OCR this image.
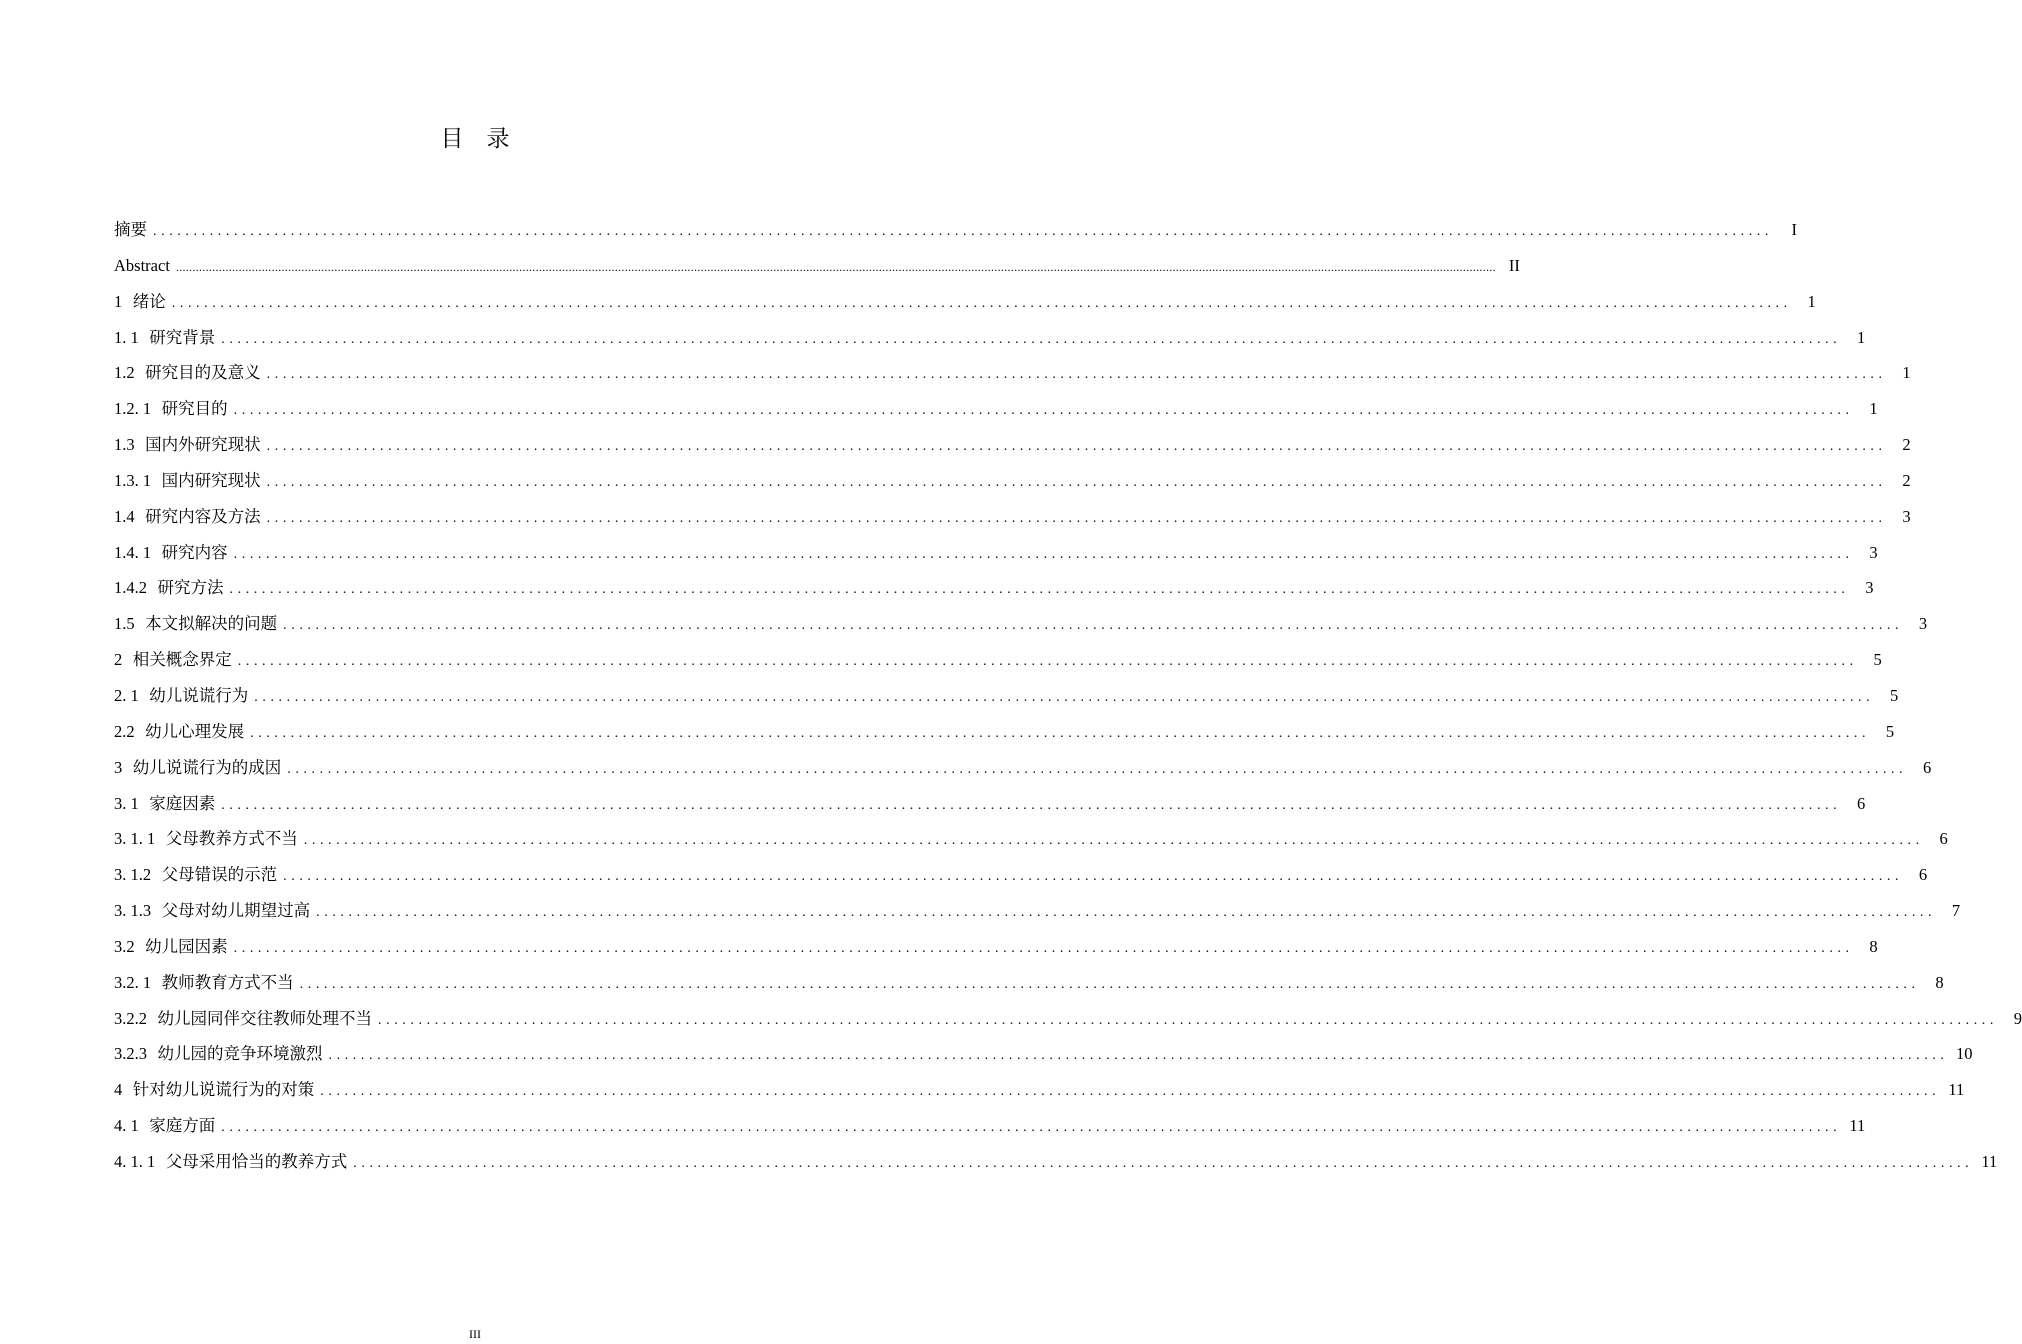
目　录
摘要 ........................................................................................................................................................................................................	I
Abstract ................................................................................................................................................................................................................................................................................................................................................................................................................ II
1 绪论 ........................................................................................................................................................................................................ 1
1. 1 研究背景 ........................................................................................................................................................................................................ 1
1.2 研究目的及意义 ........................................................................................................................................................................................................ 1
1.2. 1 研究目的 ........................................................................................................................................................................................................ 1
1.3 国内外研究现状 ........................................................................................................................................................................................................ 2
1.3. 1 国内研究现状 ........................................................................................................................................................................................................ 2
1.4 研究内容及方法 ........................................................................................................................................................................................................ 3
1.4. 1 研究内容 ........................................................................................................................................................................................................ 3
1.4.2 研究方法 ........................................................................................................................................................................................................ 3
1.5 本文拟解决的问题 ........................................................................................................................................................................................................ 3
2 相关概念界定 ........................................................................................................................................................................................................ 5
2. 1 幼儿说谎行为 ........................................................................................................................................................................................................ 5
2.2 幼儿心理发展 ........................................................................................................................................................................................................ 5
3 幼儿说谎行为的成因 ........................................................................................................................................................................................................ 6
3. 1 家庭因素 ........................................................................................................................................................................................................ 6
3. 1. 1 父母教养方式不当 ........................................................................................................................................................................................................ 6
3. 1.2 父母错误的示范 ........................................................................................................................................................................................................ 6
3. 1.3 父母对幼儿期望过高 ........................................................................................................................................................................................................ 7
3.2 幼儿园因素 ........................................................................................................................................................................................................ 8
3.2. 1 教师教育方式不当 ........................................................................................................................................................................................................ 8
3.2.2 幼儿园同伴交往教师处理不当 ........................................................................................................................................................................................................ 9
3.2.3 幼儿园的竞争环境激烈 ........................................................................................................................................................................................................ 10
4 针对幼儿说谎行为的对策 ........................................................................................................................................................................................................ 11
4. 1 家庭方面 ........................................................................................................................................................................................................ 11
4. 1. 1 父母采用恰当的教养方式 ........................................................................................................................................................................................................ 11
III
